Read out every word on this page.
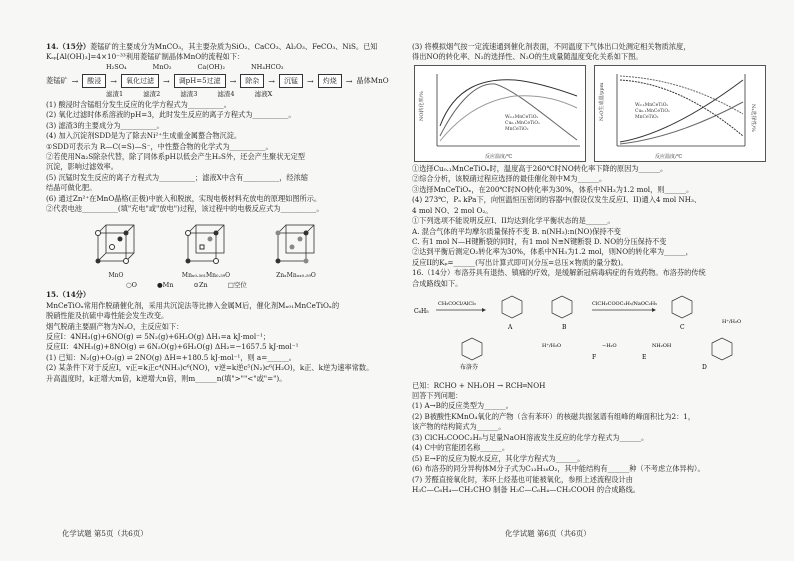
14.（15分）菱锰矿的主要成分为MnCO₃，其主要杂质为SiO₂、CaCO₃、Al₂O₃、FeCO₃、NiS。已知

Kₛₚ[Al(OH)₃]=4×10⁻³³利用菱锰矿制晶体MnO的流程如下：

H₂SO₄	MnO₂	Ca(OH)₂	NH₄HCO₃
菱锰矿 →	酸浸	→	氧化过滤	→	调pH=5过滤	→	除杂	→	沉锰	→	灼烧	→ 晶体MnO
滤渣1	滤渣2	滤渣3	滤渣4	滤液X

(1) 酸浸时含锰组分发生反应的化学方程式为__________。

(2) 氧化过滤时体系溶液的pH=3，此时发生反应的离子方程式为__________。

(3) 滤渣3的主要成分为__________。

(4) 加入沉淀剂SDD是为了除去Ni²⁺生成重金属螯合物沉淀。

①SDD可表示为 R—C(=S)—S⁻，中性螯合物的化学式为__________。

②若使用Na₂S除杂代替，除了同体系pH以低会产生H₂S外，还会产生聚状无定型

沉淀，影响过滤效率。

(5) 沉锰时发生反应的离子方程式为__________；滤液X中含有__________，经浓缩

结晶可做化肥。

(6) 通过Zn²⁺在MnO晶格(正极)中嵌入和脱嵌，实现电极材料充放电的原理如图所示。

②代表电池__________(填"充电"或"放电")过程，该过程中的电极反应式为__________。

MnO	Mnₓ₀.₅₆₁Mn₀.₅₉O	ZnₓMnₓₓ₀.₅₉O
○O	●Mn	⊙Zn	□空位

15.（14分）

MnCeTiOₓ常用作脱硝催化剂，采用共沉淀法等比掺入金属M后，催化剂Mₓ₀₁MnCeTiOₓ的

脱硝性能及抗硫中毒性能会发生改变。

烟气脱硝主要副产物为N₂O，主反应如下：

反应I：4NH₃(g)+6NO(g) ⇌ 5N₂(g)+6H₂O(g) ΔH₁=a kJ·mol⁻¹；

反应II：4NH₃(g)+8NO(g) ⇌ 6N₂O(g)+6H₂O(g) ΔH₂=−1657.5 kJ·mol⁻¹

(1) 已知：N₂(g)+O₂(g) ⇌ 2NO(g) ΔH=+180.5 kJ·mol⁻¹，则 a=______。

(2) 某条件下对于反应I，v正=k正c⁴(NH₃)c⁶(NO)，v逆=k逆c⁵(N₂)c⁶(H₂O)，k正、k逆为速率常数。

升高温度时，k正增大m倍，k逆增大n倍，则m______n(填">""<"或"=")。

化学试题 第5页（共6页）

(3) 将模拟烟气按一定流速通到催化剂表面，不同温度下气体出口处测定相关物质浓度，

得出NO的转化率、N₂的选择性、N₂O的生成量随温度变化关系如下图。

NO转化率/%
反应温度/℃
W₀.₁MnCeTiOₓ
Cu₀.₁MnCeTiOₓ
MnCeTiOₓ
N₂O生成量/ppm	N₂选择性/%
反应温度/℃
W₀.₁MnCeTiOₓ
Cu₀.₁MnCeTiOₓ
MnCeTiOₓ

①选择Cu₀.₁MnCeTiOₓ时，温度高于260℃时NO转化率下降的原因为______。

②综合分析，该脱硝过程应选择的最佳催化剂中M为______。

③选择MnCeTiOₓ，在200℃时NO转化率为30%，体系中NH₃为1.2 mol，则______。

(4) 273℃，Pₐ kPa下，向恒温恒压密闭的容器中(假设仅发生反应I、II)通入4 mol NH₃、

4 mol NO、2 mol O₂。

①下列选项不能说明反应I、II均达到化学平衡状态的是______。

A. 混合气体的平均摩尔质量保持不变 B. n(NH₃):n(NO)保持不变

C. 有1 mol N—H键断裂的同时，有1 mol N≡N键断裂 D. NO的分压保持不变

②达到平衡后测定O₂转化率为30%，体系中NH₃为1.2 mol，则NO的转化率为______，

反应II的Kₚ=______(写出计算式即可)(分压=总压×物质的量分数)。

16.（14分）布洛芬具有退热、镇痛的疗效，是缓解新冠病毒病症的有效药物。布洛芬的传统

合成路线如下。

C₆H₅
CH₃COCl/AlCl₃
A	B
ClCH₂COOC₂H₅/NaOC₂H₅
C
H⁺/H₂O
D
NH₂OH
E
−H₂O
F
H⁺/H₂O
布洛芬

已知：RCHO + NH₂OH → RCH═NOH

回答下列问题：

(1) A→B的反应类型为______。

(2) B被酸性KMnO₄氧化的产物（含有苯环）的核磁共振氢谱有组峰的峰面积比为2：1，

该产物的结构简式为______。

(3) ClCH₂COOC₂H₅与足量NaOH溶液发生反应的化学方程式为______。

(4) C中的官能团名称______。

(5) E→F的反应为脱水反应，其化学方程式为______。

(6) 布洛芬的同分异构体M分子式为C₁₃H₁₈O₂，其中能结构有______种（不考虑立体异构）。

(7) 芳醛直接氧化时，苯环上烃基也可能被氧化，参照上述流程设计由

H₃C—C₆H₄—CH₂CHO 制备 H₃C—C₆H₄—CH₂COOH 的合成路线。

化学试题 第6页（共6页）
